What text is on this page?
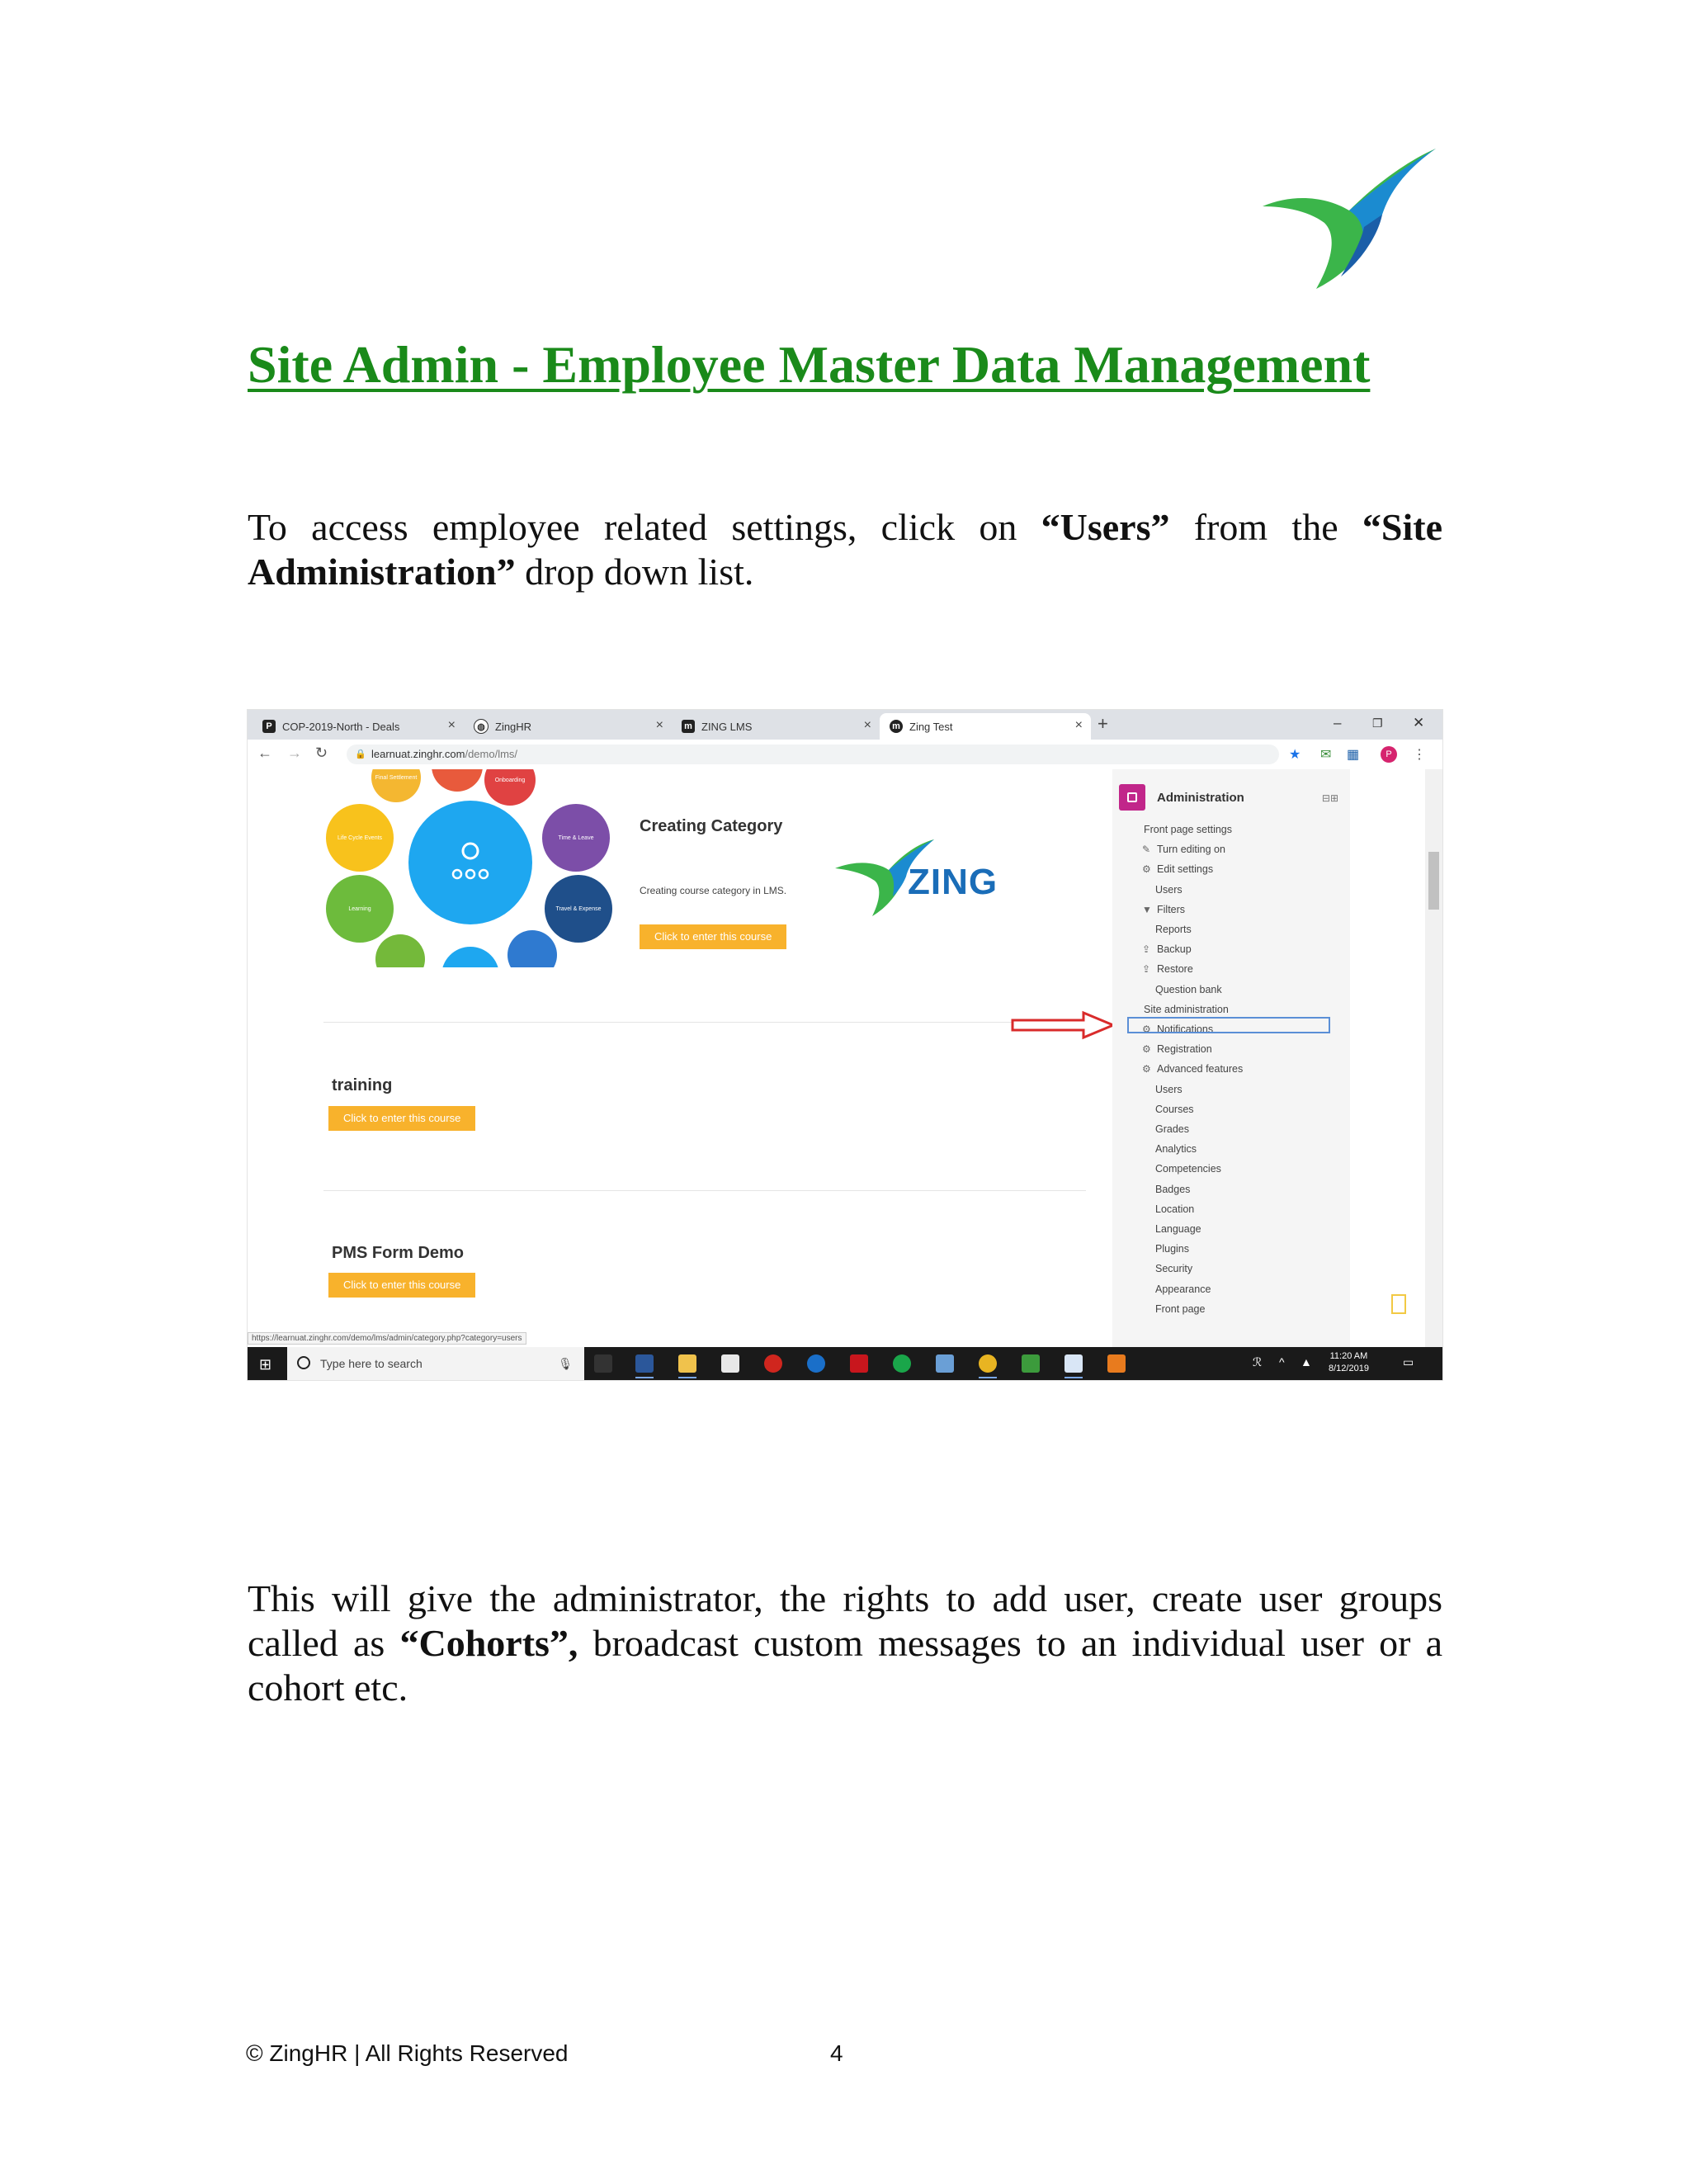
Site Admin - Employee Master Data Management

To access employee related settings, click on “Users” from the “Site Administration” drop down list.

P COP-2019-North - Deals	×	◍ ZingHR	× m ZING LMS	× m Zing Test	× +	–	❐ ✕
← → ↻	🔒 learnuat.zinghr.com/demo/lms/	★ ✉ ▦	P	⋮
Final Settlement	Onboarding
Life Cycle Events	Time & Leave
Learning	Travel & Expense
Creating Category
Creating course category in LMS.
Click to enter this course
ZING
training
Click to enter this course
PMS Form Demo
Click to enter this course
Administration	⊟⊞
Front page settings
✎ Turn editing on
⚙ Edit settings
Users
▼ Filters
Reports
⇪ Backup
⇪ Restore
Question bank
Site administration
⚙ Notifications
⚙ Registration
⚙ Advanced features
Users
Courses
Grades
Analytics
Competencies
Badges
Location
Language
Plugins
Security
Appearance
Front page
https://learnuat.zinghr.com/demo/lms/admin/category.php?category=users
⊞	Type here to search	🎙	ℛ ^ ▲ 11:20 AM
8/12/2019	▭

This will give the administrator, the rights to add user, create user groups called as “Cohorts”, broadcast custom messages to an individual user or a cohort etc.

© ZingHR | All Rights Reserved	4
